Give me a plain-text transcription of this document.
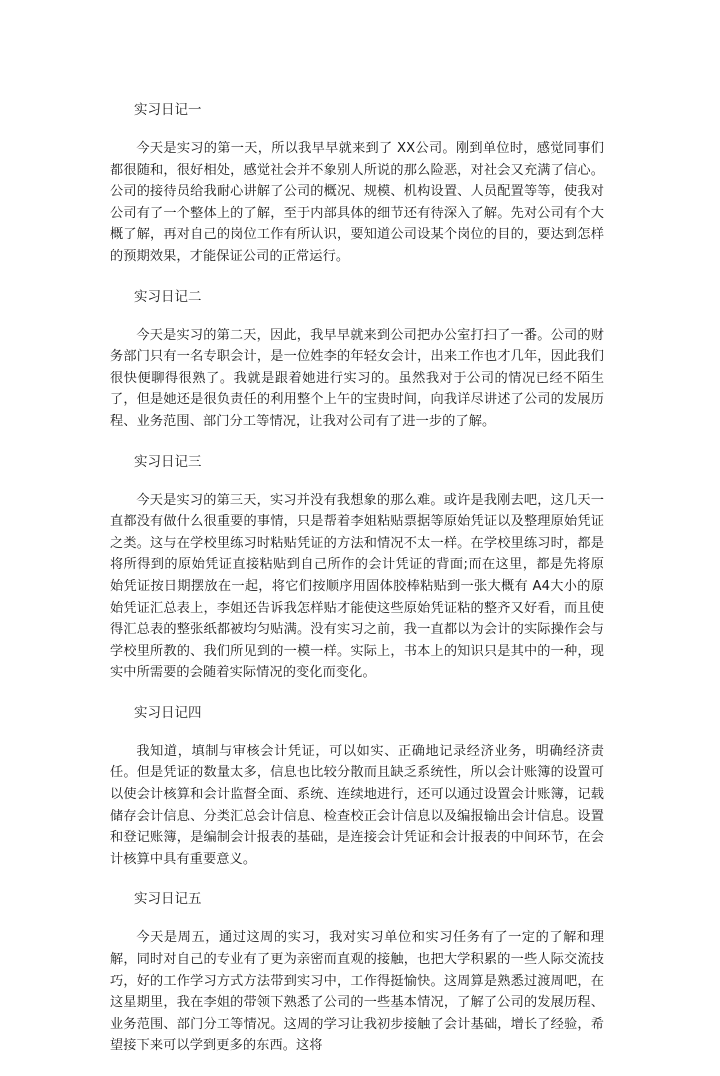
实习日记一

今天是实习的第一天，所以我早早就来到了 XX公司。刚到单位时，感觉同事们都很随和，很好相处，感觉社会并不象别人所说的那么险恶，对社会又充满了信心。公司的接待员给我耐心讲解了公司的概况、规模、机构设置、人员配置等等，使我对公司有了一个整体上的了解，至于内部具体的细节还有待深入了解。先对公司有个大概了解，再对自己的岗位工作有所认识，要知道公司设某个岗位的目的，要达到怎样的预期效果，才能保证公司的正常运行。

实习日记二

今天是实习的第二天，因此，我早早就来到公司把办公室打扫了一番。公司的财务部门只有一名专职会计，是一位姓李的年轻女会计，出来工作也才几年，因此我们很快便聊得很熟了。我就是跟着她进行实习的。虽然我对于公司的情况已经不陌生了，但是她还是很负责任的利用整个上午的宝贵时间，向我详尽讲述了公司的发展历程、业务范围、部门分工等情况，让我对公司有了进一步的了解。

实习日记三

今天是实习的第三天，实习并没有我想象的那么难。或许是我刚去吧，这几天一直都没有做什么很重要的事情，只是帮着李姐粘贴票据等原始凭证以及整理原始凭证之类。这与在学校里练习时粘贴凭证的方法和情况不太一样。在学校里练习时，都是将所得到的原始凭证直接粘贴到自己所作的会计凭证的背面;而在这里，都是先将原始凭证按日期摆放在一起，将它们按顺序用固体胶棒粘贴到一张大概有 A4大小的原始凭证汇总表上，李姐还告诉我怎样贴才能使这些原始凭证粘的整齐又好看，而且使得汇总表的整张纸都被均匀贴满。没有实习之前，我一直都以为会计的实际操作会与学校里所教的、我们所见到的一模一样。实际上，书本上的知识只是其中的一种，现实中所需要的会随着实际情况的变化而变化。

实习日记四

我知道，填制与审核会计凭证，可以如实、正确地记录经济业务，明确经济责任。但是凭证的数量太多，信息也比较分散而且缺乏系统性，所以会计账簿的设置可以使会计核算和会计监督全面、系统、连续地进行，还可以通过设置会计账簿，记载储存会计信息、分类汇总会计信息、检查校正会计信息以及编报输出会计信息。设置和登记账簿，是编制会计报表的基础，是连接会计凭证和会计报表的中间环节，在会计核算中具有重要意义。

实习日记五

今天是周五，通过这周的实习，我对实习单位和实习任务有了一定的了解和理解，同时对自己的专业有了更为亲密而直观的接触，也把大学积累的一些人际交流技巧，好的工作学习方式方法带到实习中，工作得挺愉快。这周算是熟悉过渡周吧，在这星期里，我在李姐的带领下熟悉了公司的一些基本情况，了解了公司的发展历程、业务范围、部门分工等情况。这周的学习让我初步接触了会计基础，增长了经验，希望接下来可以学到更多的东西。这将
